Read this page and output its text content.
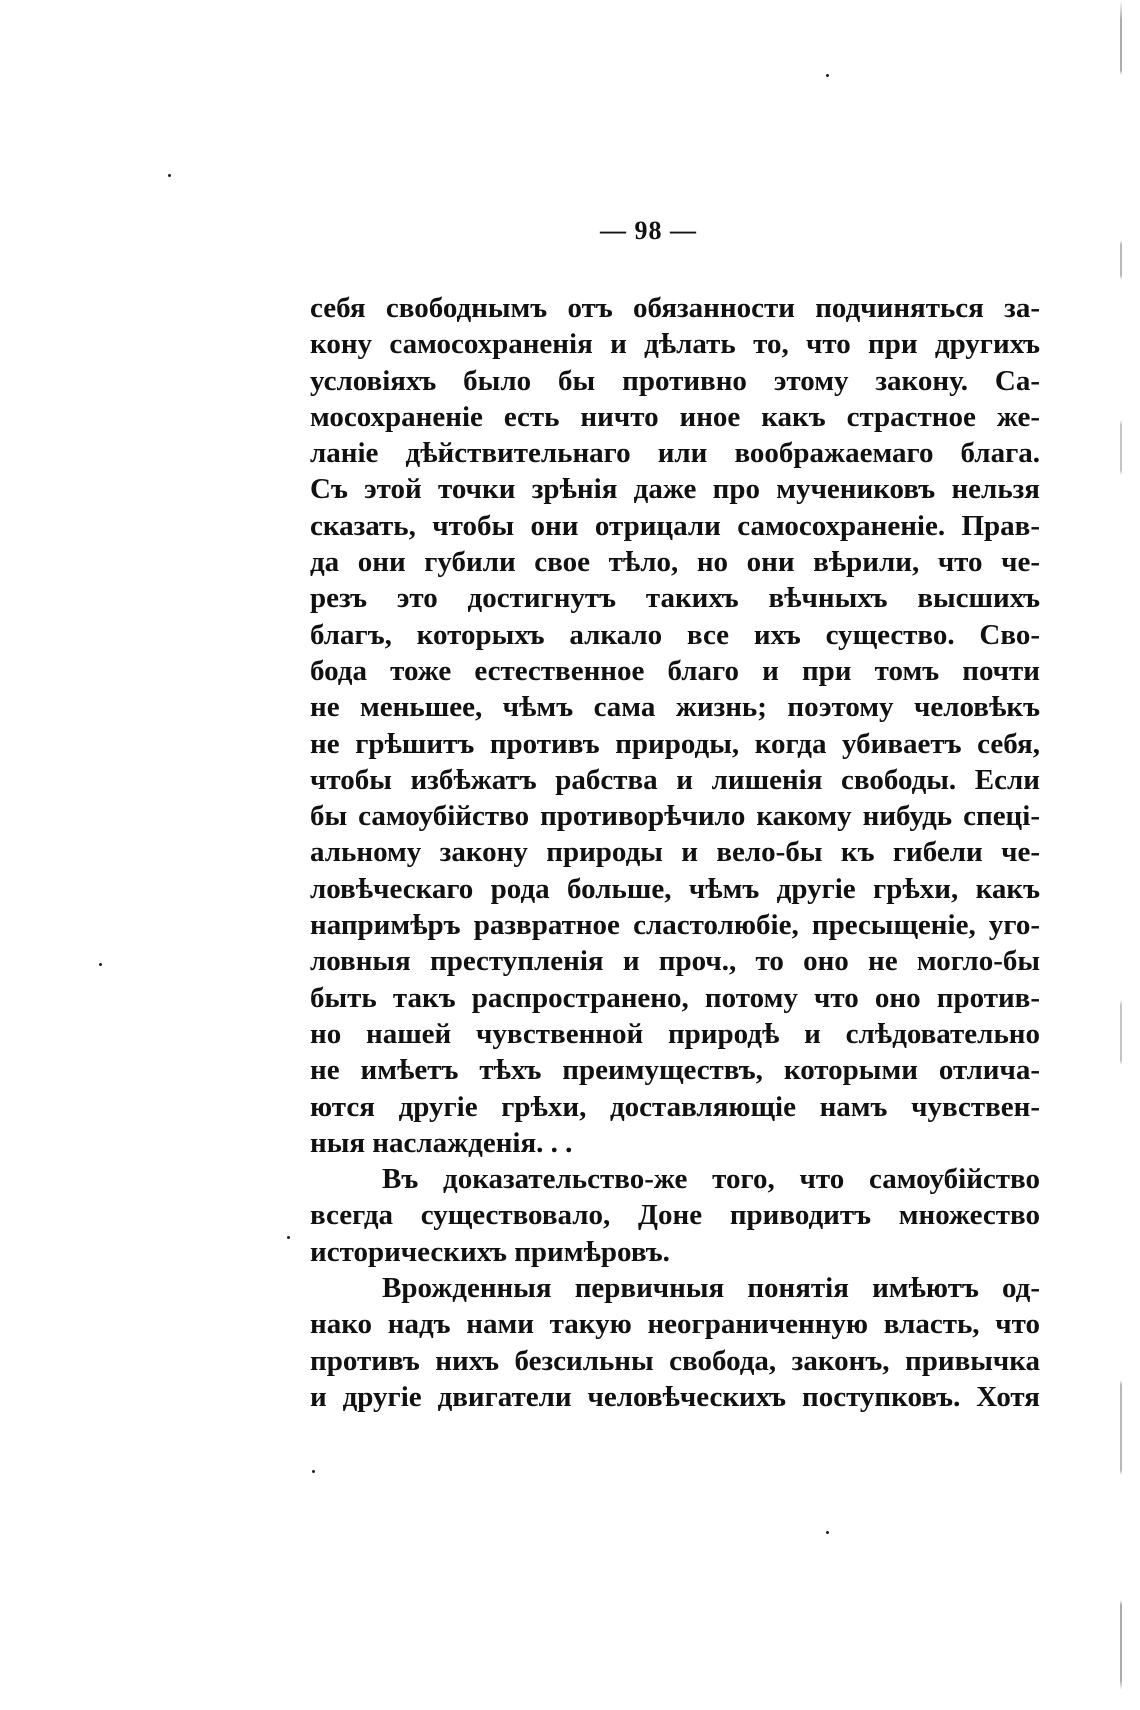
— 98 —
себя свободнымъ отъ обязанности подчиняться за-
кону самосохраненія и дѣлать то, что при другихъ
условіяхъ было бы противно этому закону. Са-
мосохраненіе есть ничто иное какъ страстное же-
ланіе дѣйствительнаго или воображаемаго блага.
Съ этой точки зрѣнія даже про мучениковъ нельзя
сказать, чтобы они отрицали самосохраненіе. Прав-
да они губили свое тѣло, но они вѣрили, что че-
резъ это достигнутъ такихъ вѣчныхъ высшихъ
благъ, которыхъ алкало все ихъ существо. Сво-
бода тоже естественное благо и при томъ почти
не меньшее, чѣмъ сама жизнь; поэтому человѣкъ
не грѣшитъ противъ природы, когда убиваетъ себя,
чтобы избѣжатъ рабства и лишенія свободы. Если
бы самоубійство противорѣчило какому нибудь спеці-
альному закону природы и вело-бы къ гибели че-
ловѣческаго рода больше, чѣмъ другіе грѣхи, какъ
напримѣръ развратное сластолюбіе, пресыщеніе, уго-
ловныя преступленія и проч., то оно не могло-бы
быть такъ распространено, потому что оно против-
но нашей чувственной природѣ и слѣдовательно
не имѣетъ тѣхъ преимуществъ, которыми отлича-
ются другіе грѣхи, доставляющіе намъ чувствен-
ныя наслажденія. . .
Въ доказательство-же того, что самоубійство
всегда существовало, Доне приводитъ множество
историческихъ примѣровъ.
Врожденныя первичныя понятія имѣютъ од-
нако надъ нами такую неограниченную власть, что
противъ нихъ безсильны свобода, законъ, привычка
и другіе двигатели человѣческихъ поступковъ. Хотя
